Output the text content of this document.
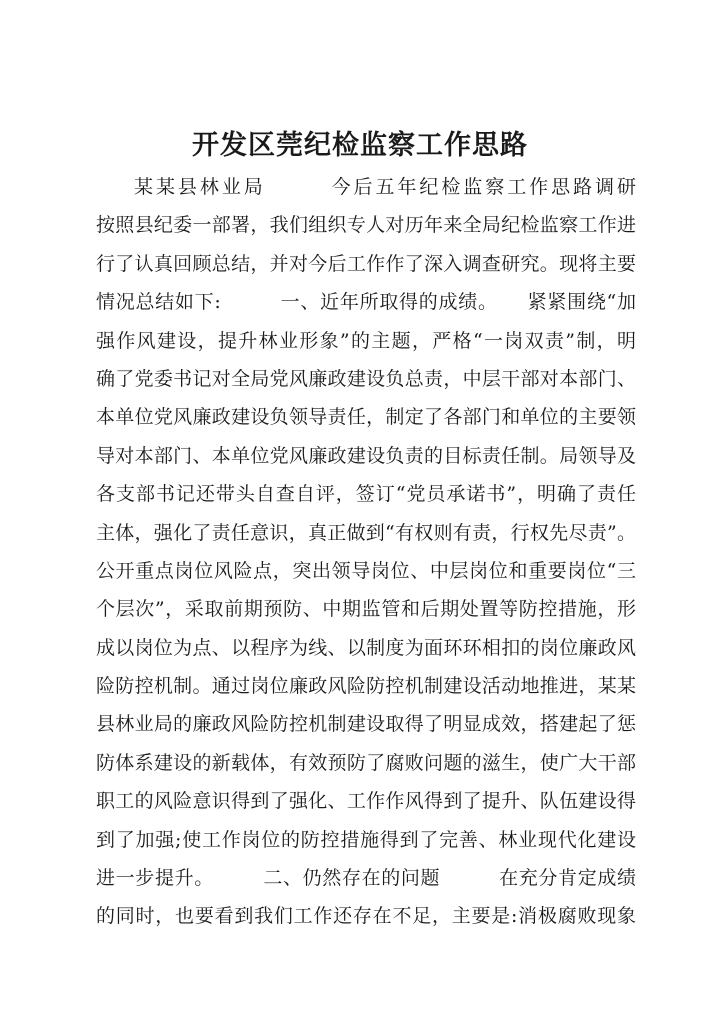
开发区莞纪检监察工作思路
某某县林业局　　　今后五年纪检监察工作思路调研
按照县纪委一部署，我们组织专人对历年来全局纪检监察工作进
行了认真回顾总结，并对今后工作作了深入调查研究。现将主要
情况总结如下:　　　一、近年所取得的成绩。　　紧紧围绕“加
强作风建设，提升林业形象”的主题，严格“一岗双责”制，明
确了党委书记对全局党风廉政建设负总责，中层干部对本部门、
本单位党风廉政建设负领导责任，制定了各部门和单位的主要领
导对本部门、本单位党风廉政建设负责的目标责任制。局领导及
各支部书记还带头自查自评，签订“党员承诺书”，明确了责任
主体，强化了责任意识，真正做到“有权则有责，行权先尽责”。
公开重点岗位风险点，突出领导岗位、中层岗位和重要岗位“三
个层次”，采取前期预防、中期监管和后期处置等防控措施，形
成以岗位为点、以程序为线、以制度为面环环相扣的岗位廉政风
险防控机制。通过岗位廉政风险防控机制建设活动地推进，某某
县林业局的廉政风险防控机制建设取得了明显成效，搭建起了惩
防体系建设的新载体，有效预防了腐败问题的滋生，使广大干部
职工的风险意识得到了强化、工作作风得到了提升、队伍建设得
到了加强;使工作岗位的防控措施得到了完善、林业现代化建设
进一步提升。　　　二、仍然存在的问题　　　在充分肯定成绩
的同时，也要看到我们工作还存在不足，主要是:消极腐败现象
